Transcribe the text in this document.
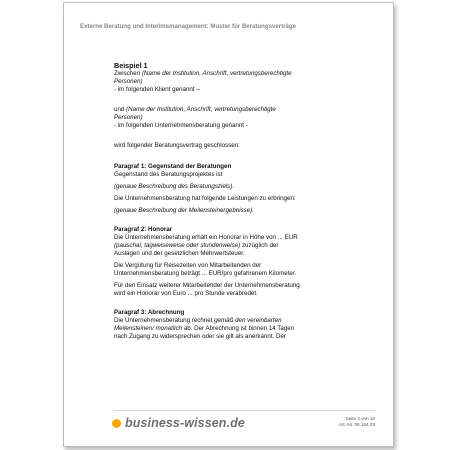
Externe Beratung und Interimsmanagement: Muster für Beratungsverträge

Beispiel 1

Zwischen (Name der Institution, Anschrift, vertretungsberechtigte

Personen)

- im folgenden Klient genannt –

und (Name der Institution, Anschrift, vertretungsberechtigte

Personen)

- im folgenden Unternehmensberatung genannt -

wird folgender Beratungsvertrag geschlossen:

Paragraf 1: Gegenstand der Beratungen

Gegenstand des Beratungsprojektes ist

(genaue Beschreibung des Beratungsziels).

Die Unternehmensberatung hat folgende Leistungen zu erbringen:

(genaue Beschreibung der Meilensteinergebnisse).

Paragraf 2: Honorar

Die Unternehmensberatung erhält ein Honorar in Höhe von ... EUR

(pauschal, tagweiseweise oder stundenweise) zuzüglich der

Auslagen und der gesetzlichen Mehrwertsteuer.

Die Vergütung für Reisezeiten von Mitarbeitenden der

Unternehmensberatung beträgt ... EUR/pro gefahrenem Kilometer.

Für den Einsatz weiterer Mitarbeitender der Unternehmensberatung

wird ein Honorar von Euro ... pro Stunde verabredet.

Paragraf 3: Abrechnung

Die Unternehmensberatung rechnet gemäß den vereinbarten

Meilensteinen/ monatlich ab. Der Abrechnung ist binnen 14 Tagen

nach Zugang zu widersprechen oder sie gilt als anerkannt. Der

business-wissen.de	Seite 2 von 10
Art.-Nr. 06.154.03
